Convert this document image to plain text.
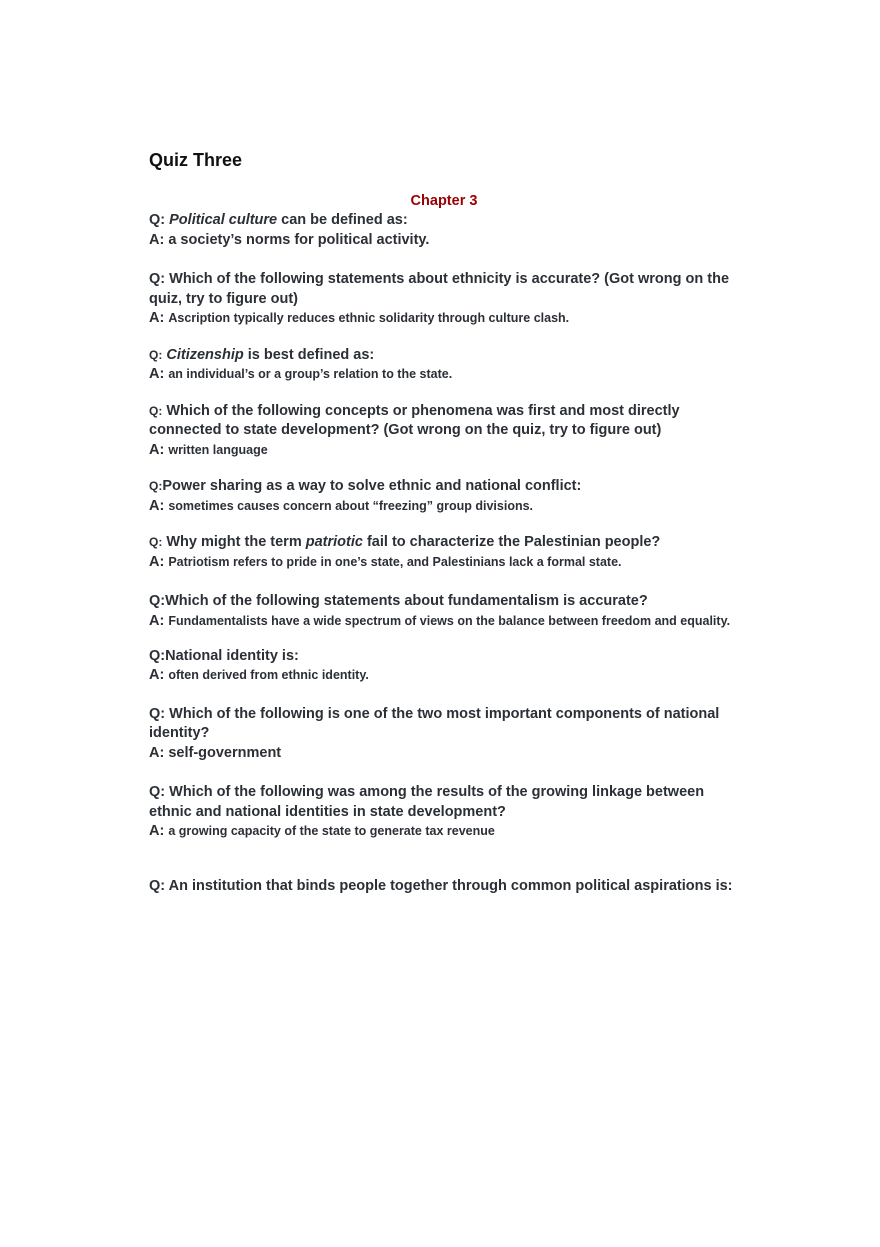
Quiz Three
Chapter 3
Q: Political culture can be defined as:
A: a society’s norms for political activity.
Q: Which of the following statements about ethnicity is accurate? (Got wrong on the quiz, try to figure out)
A: Ascription typically reduces ethnic solidarity through culture clash.
Q: Citizenship is best defined as:
A: an individual’s or a group’s relation to the state.
Q: Which of the following concepts or phenomena was first and most directly connected to state development? (Got wrong on the quiz, try to figure out)
A: written language
Q:Power sharing as a way to solve ethnic and national conflict:
A: sometimes causes concern about “freezing” group divisions.
Q: Why might the term patriotic fail to characterize the Palestinian people?
A: Patriotism refers to pride in one’s state, and Palestinians lack a formal state.
Q:Which of the following statements about fundamentalism is accurate?
A: Fundamentalists have a wide spectrum of views on the balance between freedom and equality.
Q:National identity is:
A: often derived from ethnic identity.
Q: Which of the following is one of the two most important components of national identity?
A: self-government
Q: Which of the following was among the results of the growing linkage between ethnic and national identities in state development?
A: a growing capacity of the state to generate tax revenue
Q: An institution that binds people together through common political aspirations is:
